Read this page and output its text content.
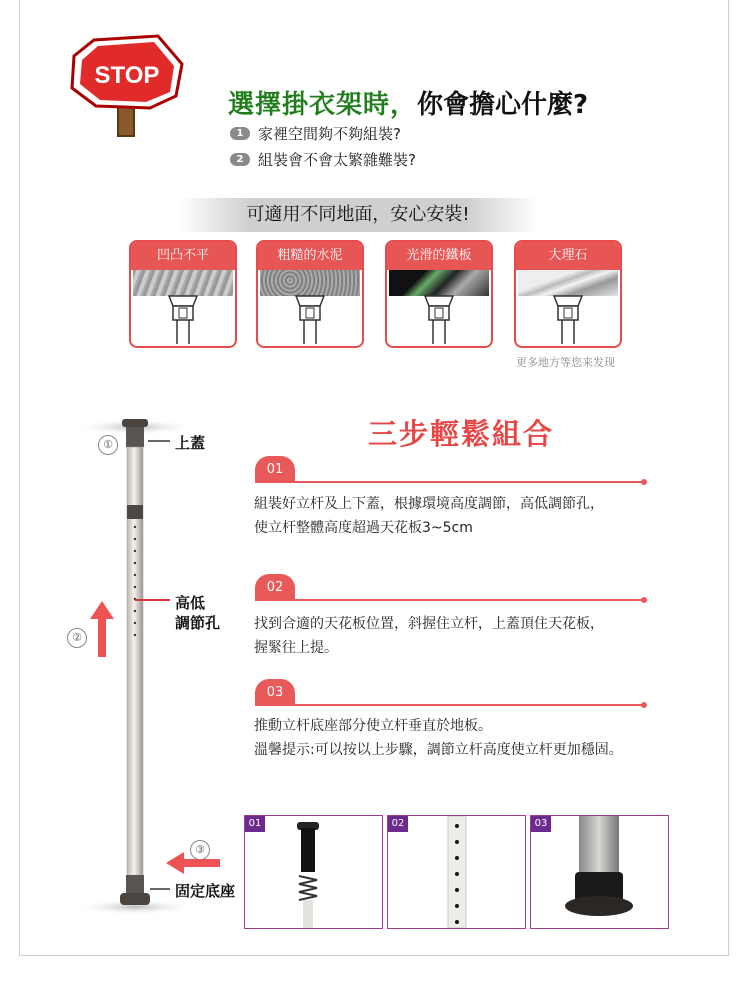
STOP
選擇掛衣架時，你會擔心什麼?
1 家裡空間夠不夠組裝?
2 組裝會不會太繁雜難裝?
可適用不同地面，安心安裝!
凹凸不平	粗糙的水泥	光滑的鐵板	大理石
更多地方等您来发现
三步輕鬆組合
①	上蓋
高低
調節孔
②
③
固定底座
01
組裝好立杆及上下蓋，根據環境高度調節，高低調節孔，
使立杆整體高度超過天花板3~5cm
02
找到合適的天花板位置，斜握住立杆，上蓋頂住天花板，
握緊往上提。
03
推動立杆底座部分使立杆垂直於地板。
溫馨提示:可以按以上步驟，調節立杆高度使立杆更加穩固。
01	02	03
